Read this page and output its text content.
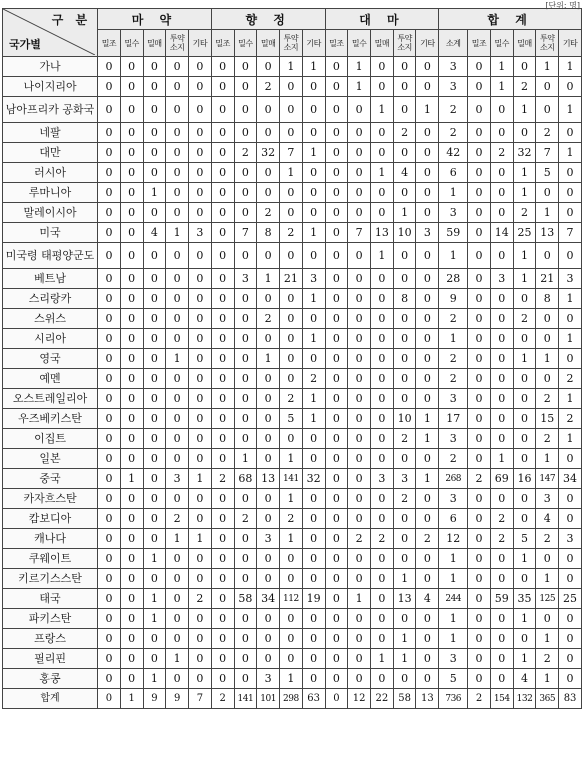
[단위: 명]
구 분
국가별	마 약					향 정					대 마					합 계					
	밀조	밀수	밀매	투약 소지	기타	밀조	밀수	밀매	투약 소지	기타	밀조	밀수	밀매	투약 소지	기타	소계	밀조	밀수	밀매	투약 소지	기타
가나	0	0	0	0	0	0	0	0	1	1	0	1	0	0	0	3	0	1	0	1	1
나이지리아	0	0	0	0	0	0	0	2	0	0	0	1	0	0	0	3	0	1	2	0	0
남아프리카 공화국	0	0	0	0	0	0	0	0	0	0	0	0	1	0	1	2	0	0	1	0	1
네팔	0	0	0	0	0	0	0	0	0	0	0	0	0	2	0	2	0	0	0	2	0
대만	0	0	0	0	0	0	2	32	7	1	0	0	0	0	0	42	0	2	32	7	1
러시아	0	0	0	0	0	0	0	0	1	0	0	0	1	4	0	6	0	0	1	5	0
루마니아	0	0	1	0	0	0	0	0	0	0	0	0	0	0	0	1	0	0	1	0	0
말레이시아	0	0	0	0	0	0	0	2	0	0	0	0	0	1	0	3	0	0	2	1	0
미국	0	0	4	1	3	0	7	8	2	1	0	7	13	10	3	59	0	14	25	13	7
미국령 태평양군도	0	0	0	0	0	0	0	0	0	0	0	0	1	0	0	1	0	0	1	0	0
베트남	0	0	0	0	0	0	3	1	21	3	0	0	0	0	0	28	0	3	1	21	3
스리랑카	0	0	0	0	0	0	0	0	0	1	0	0	0	8	0	9	0	0	0	8	1
스위스	0	0	0	0	0	0	0	2	0	0	0	0	0	0	0	2	0	0	2	0	0
시리아	0	0	0	0	0	0	0	0	0	1	0	0	0	0	0	1	0	0	0	0	1
영국	0	0	0	1	0	0	0	1	0	0	0	0	0	0	0	2	0	0	1	1	0
예멘	0	0	0	0	0	0	0	0	0	2	0	0	0	0	0	2	0	0	0	0	2
오스트레일리아	0	0	0	0	0	0	0	0	2	1	0	0	0	0	0	3	0	0	0	2	1
우즈베키스탄	0	0	0	0	0	0	0	0	5	1	0	0	0	10	1	17	0	0	0	15	2
이집트	0	0	0	0	0	0	0	0	0	0	0	0	0	2	1	3	0	0	0	2	1
일본	0	0	0	0	0	0	1	0	1	0	0	0	0	0	0	2	0	1	0	1	0
중국	0	1	0	3	1	2	68	13	141	32	0	0	3	3	1	268	2	69	16	147	34
카자흐스탄	0	0	0	0	0	0	0	0	1	0	0	0	0	2	0	3	0	0	0	3	0
캄보디아	0	0	0	2	0	0	2	0	2	0	0	0	0	0	0	6	0	2	0	4	0
캐나다	0	0	0	1	1	0	0	3	1	0	0	2	2	0	2	12	0	2	5	2	3
쿠웨이트	0	0	1	0	0	0	0	0	0	0	0	0	0	0	0	1	0	0	1	0	0
키르기스스탄	0	0	0	0	0	0	0	0	0	0	0	0	0	1	0	1	0	0	0	1	0
태국	0	0	1	0	2	0	58	34	112	19	0	1	0	13	4	244	0	59	35	125	25
파키스탄	0	0	1	0	0	0	0	0	0	0	0	0	0	0	0	1	0	0	1	0	0
프랑스	0	0	0	0	0	0	0	0	0	0	0	0	0	1	0	1	0	0	0	1	0
필리핀	0	0	0	1	0	0	0	0	0	0	0	0	1	1	0	3	0	0	1	2	0
홍콩	0	0	1	0	0	0	0	3	1	0	0	0	0	0	0	5	0	0	4	1	0
합계	0	1	9	9	7	2	141	101	298	63	0	12	22	58	13	736	2	154	132	365	83
